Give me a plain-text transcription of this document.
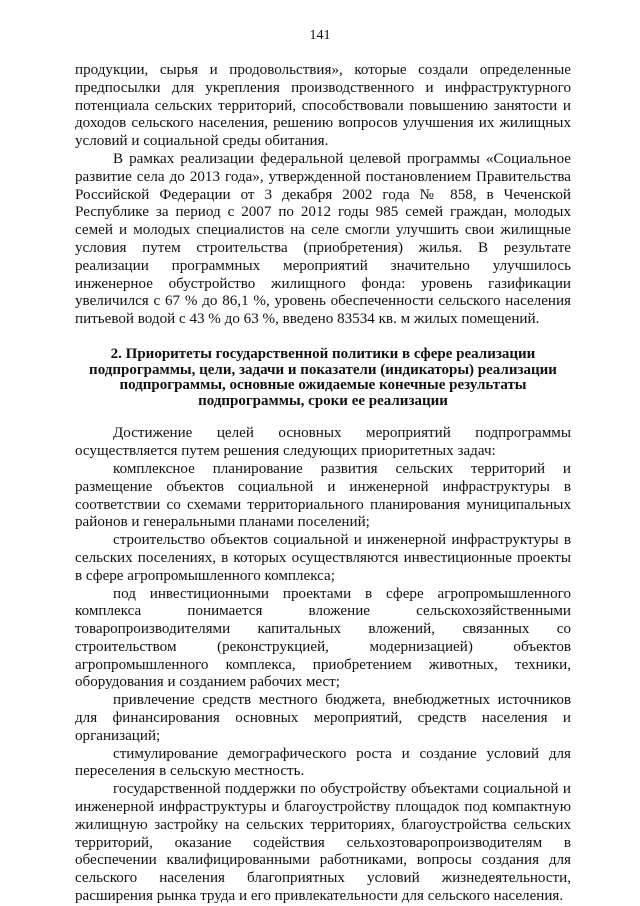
141

продукции, сырья и продовольствия», которые создали определенные предпосылки для укрепления производственного и инфраструктурного потенциала сельских территорий, способствовали повышению занятости и доходов сельского населения, решению вопросов улучшения их жилищных условий и социальной среды обитания.

В рамках реализации федеральной целевой программы «Социальное развитие села до 2013 года», утвержденной постановлением Правительства Российской Федерации от 3 декабря 2002 года № 858, в Чеченской Республике за период с 2007 по 2012 годы 985 семей граждан, молодых семей и молодых специалистов на селе смогли улучшить свои жилищные условия путем строительства (приобретения) жилья. В результате реализации программных мероприятий значительно улучшилось инженерное обустройство жилищного фонда: уровень газификации увеличился с 67 % до 86,1 %, уровень обеспеченности сельского населения питьевой водой с 43 % до 63 %, введено 83534 кв. м жилых помещений.

2. Приоритеты государственной политики в сфере реализации
подпрограммы, цели, задачи и показатели (индикаторы) реализации
подпрограммы, основные ожидаемые конечные результаты
подпрограммы, сроки ее реализации

Достижение целей основных мероприятий подпрограммы осуществляется путем решения следующих приоритетных задач:

комплексное планирование развития сельских территорий и размещение объектов социальной и инженерной инфраструктуры в соответствии со схемами территориального планирования муниципальных районов и генеральными планами поселений;

строительство объектов социальной и инженерной инфраструктуры в сельских поселениях, в которых осуществляются инвестиционные проекты в сфере агропромышленного комплекса;

под инвестиционными проектами в сфере агропромышленного комплекса понимается вложение сельскохозяйственными товаропроизводителями капитальных вложений, связанных со строительством (реконструкцией, модернизацией) объектов агропромышленного комплекса, приобретением животных, техники, оборудования и созданием рабочих мест;

привлечение средств местного бюджета, внебюджетных источников для финансирования основных мероприятий, средств населения и организаций;

стимулирование демографического роста и создание условий для переселения в сельскую местность.

государственной поддержки по обустройству объектами социальной и инженерной инфраструктуры и благоустройству площадок под компактную жилищную застройку на сельских территориях, благоустройства сельских территорий, оказание содействия сельхозтоваропроизводителям в обеспечении квалифицированными работниками, вопросы создания для сельского населения благоприятных условий жизнедеятельности, расширения рынка труда и его привлекательности для сельского населения.
